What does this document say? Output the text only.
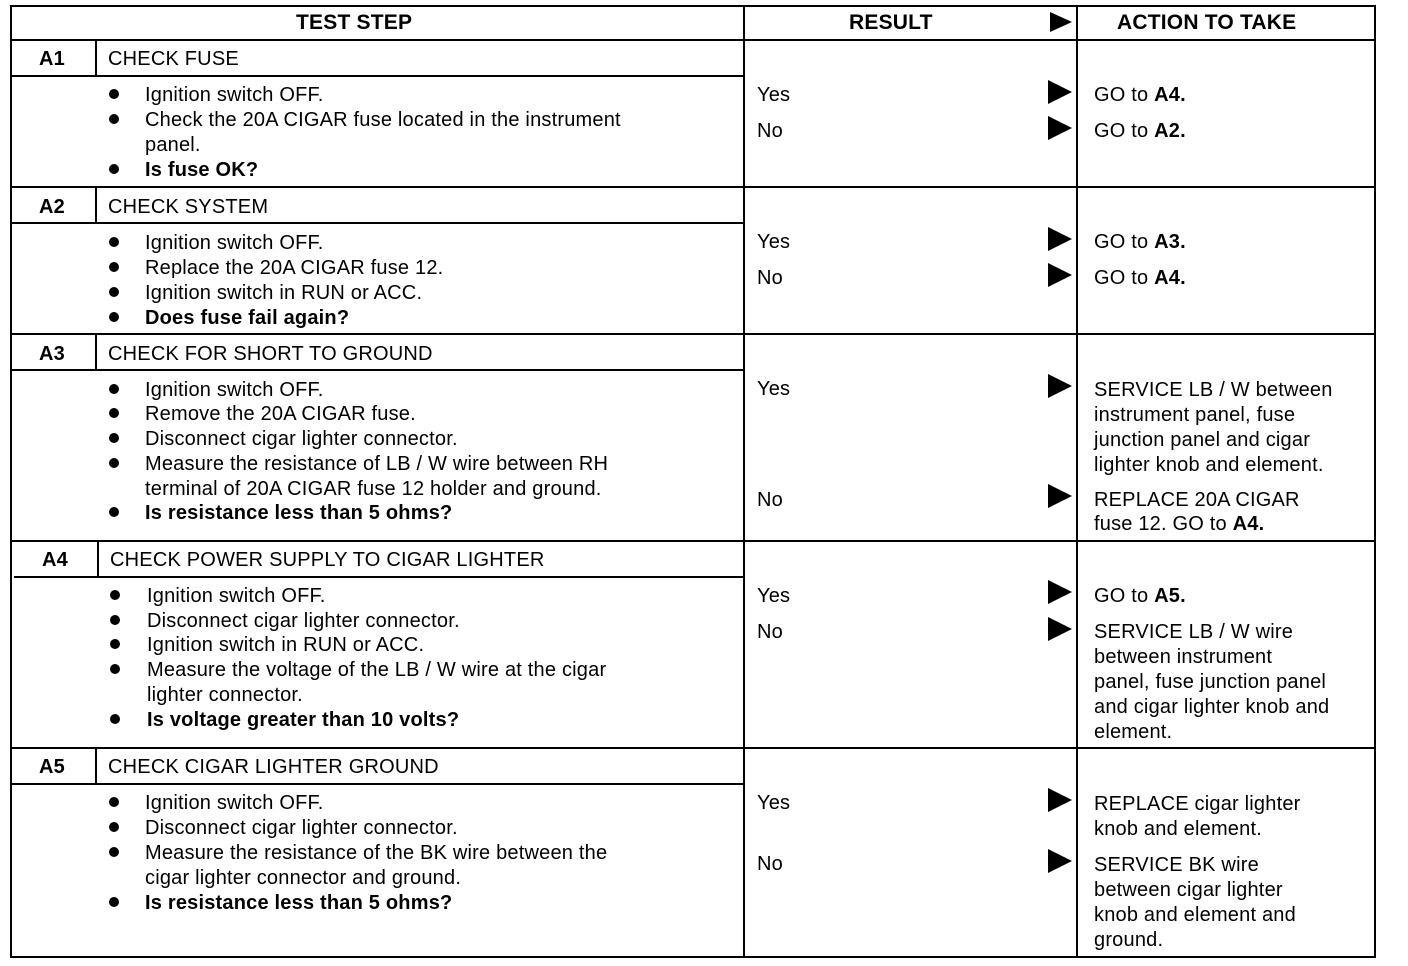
TEST STEP	RESULT	ACTION TO TAKE
A1 CHECK FUSE
Ignition switch OFF.
Check the 20A CIGAR fuse located in the instrument
panel.
Is fuse OK?
Yes	GO to A4.
No	GO to A2.
A2 CHECK SYSTEM
Ignition switch OFF.
Replace the 20A CIGAR fuse 12.
Ignition switch in RUN or ACC.
Does fuse fail again?
Yes	GO to A3.
No	GO to A4.
A3 CHECK FOR SHORT TO GROUND
Ignition switch OFF.
Remove the 20A CIGAR fuse.
Disconnect cigar lighter connector.
Measure the resistance of LB / W wire between RH
terminal of 20A CIGAR fuse 12 holder and ground.
Is resistance less than 5 ohms?
Yes	SERVICE LB / W between
instrument panel, fuse
junction panel and cigar
lighter knob and element.
No	REPLACE 20A CIGAR
fuse 12. GO to A4.
A4 CHECK POWER SUPPLY TO CIGAR LIGHTER
Ignition switch OFF.
Disconnect cigar lighter connector.
Ignition switch in RUN or ACC.
Measure the voltage of the LB / W wire at the cigar
lighter connector.
Is voltage greater than 10 volts?
Yes	GO to A5.
No	SERVICE LB / W wire
between instrument
panel, fuse junction panel
and cigar lighter knob and
element.
A5 CHECK CIGAR LIGHTER GROUND
Ignition switch OFF.
Disconnect cigar lighter connector.
Measure the resistance of the BK wire between the
cigar lighter connector and ground.
Is resistance less than 5 ohms?
Yes	REPLACE cigar lighter
knob and element.
No	SERVICE BK wire
between cigar lighter
knob and element and
ground.
